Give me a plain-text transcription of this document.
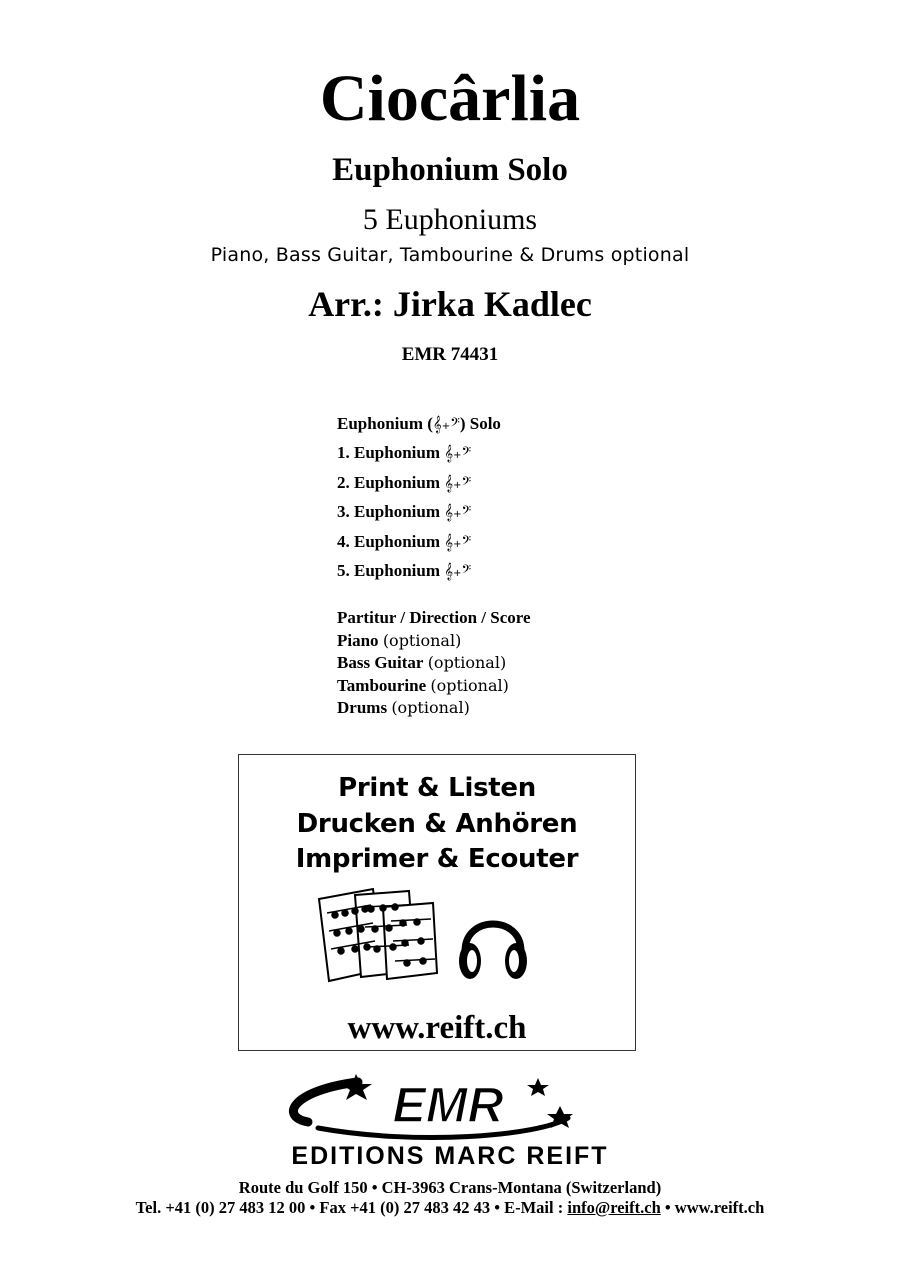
Ciocârlia
Euphonium Solo
5 Euphoniums
Piano, Bass Guitar, Tambourine & Drums optional
Arr.: Jirka Kadlec
EMR 74431
Euphonium (𝄞+𝄢) Solo
1. Euphonium 𝄞+𝄢
2. Euphonium 𝄞+𝄢
3. Euphonium 𝄞+𝄢
4. Euphonium 𝄞+𝄢
5. Euphonium 𝄞+𝄢
Partitur / Direction / Score
Piano (optional)
Bass Guitar (optional)
Tambourine (optional)
Drums (optional)
Print & Listen
Drucken & Anhören
Imprimer & Ecouter
www.reift.ch
EMR
EDITIONS MARC REIFT
Route du Golf 150 • CH-3963 Crans-Montana (Switzerland)
Tel. +41 (0) 27 483 12 00 • Fax +41 (0) 27 483 42 43 • E-Mail : info@reift.ch • www.reift.ch
